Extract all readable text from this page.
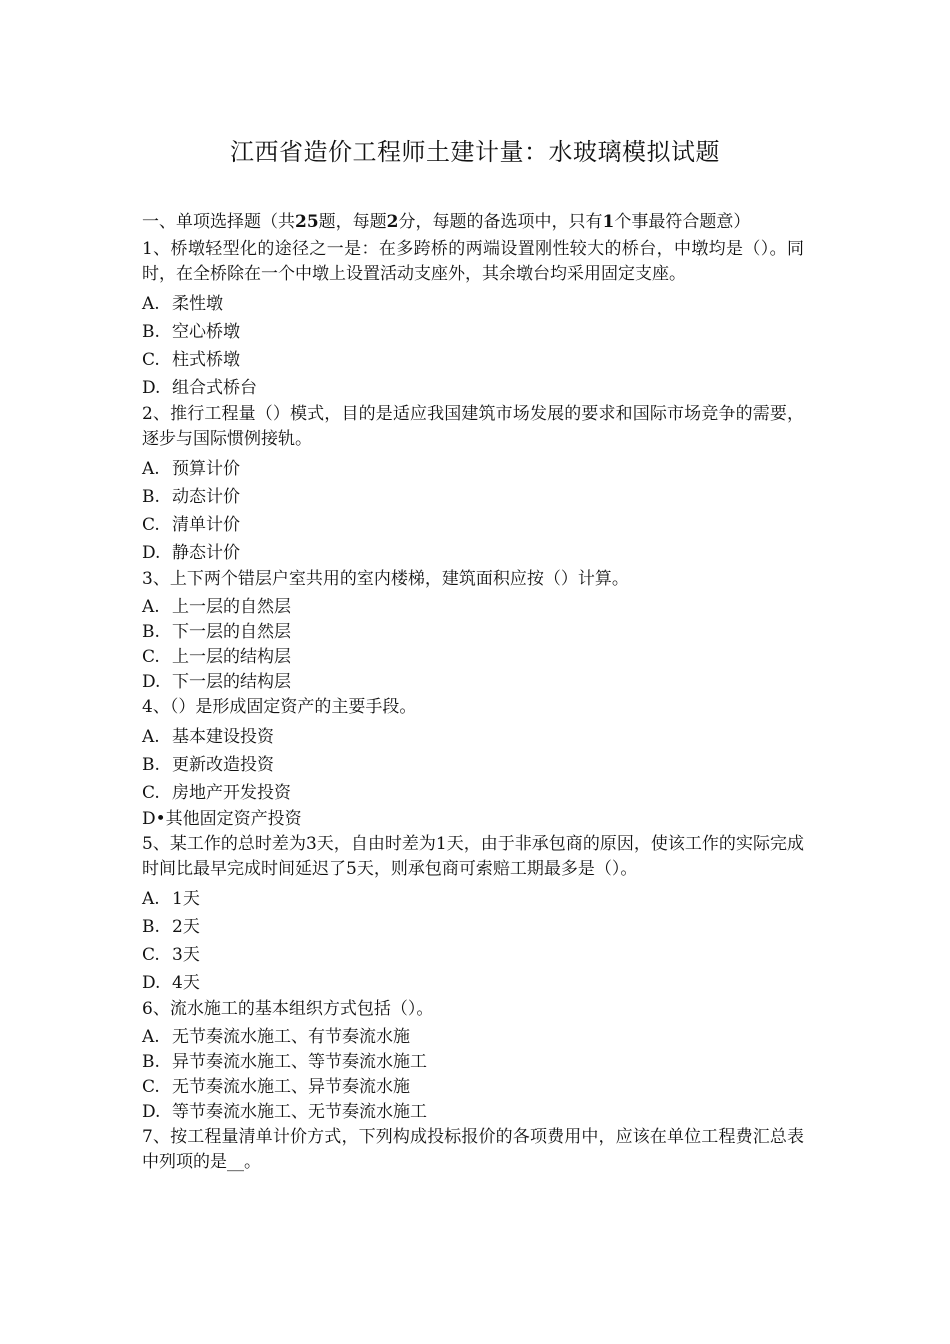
江西省造价工程师土建计量：水玻璃模拟试题

一、单项选择题（共25题，每题2分，每题的备选项中，只有1个事最符合题意）

1、桥墩轻型化的途径之一是：在多跨桥的两端设置刚性较大的桥台，中墩均是（）。同时，在全桥除在一个中墩上设置活动支座外，其余墩台均采用固定支座。

A. 柔性墩

B. 空心桥墩

C. 柱式桥墩

D. 组合式桥台

2、推行工程量（）模式，目的是适应我国建筑市场发展的要求和国际市场竞争的需要，逐步与国际惯例接轨。

A. 预算计价

B. 动态计价

C. 清单计价

D. 静态计价

3、上下两个错层户室共用的室内楼梯，建筑面积应按（）计算。

A. 上一层的自然层

B. 下一层的自然层

C. 上一层的结构层

D. 下一层的结构层

4、（）是形成固定资产的主要手段。

A. 基本建设投资

B. 更新改造投资

C. 房地产开发投资

D•其他固定资产投资

5、某工作的总时差为3天，自由时差为1天，由于非承包商的原因，使该工作的实际完成时间比最早完成时间延迟了5天，则承包商可索赔工期最多是（）。

A. 1天

B. 2天

C. 3天

D. 4天

6、流水施工的基本组织方式包括（）。

A. 无节奏流水施工、有节奏流水施

B. 异节奏流水施工、等节奏流水施工

C. 无节奏流水施工、异节奏流水施

D. 等节奏流水施工、无节奏流水施工

7、按工程量清单计价方式，下列构成投标报价的各项费用中，应该在单位工程费汇总表中列项的是__。
